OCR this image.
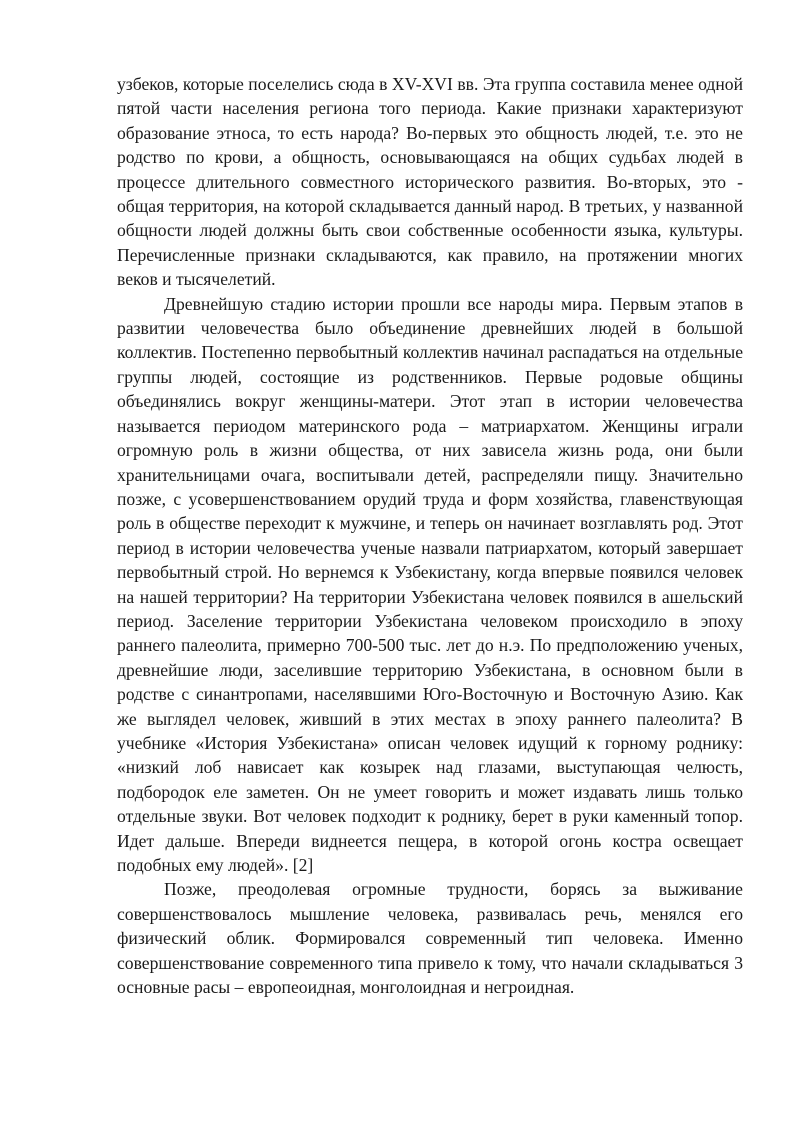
узбеков, которые поселелись сюда в XV-XVI вв. Эта группа составила менее одной пятой части населения региона того периода. Какие признаки характеризуют образование этноса, то есть народа? Во-первых это общность людей, т.е. это не родство по крови, а общность, основывающаяся на общих судьбах людей в процессе длительного совместного исторического развития. Во-вторых, это - общая территория, на которой складывается данный народ. В третьих, у названной общности людей должны быть свои собственные особенности языка, культуры. Перечисленные признаки складываются, как правило, на протяжении многих веков и тысячелетий.

Древнейшую стадию истории прошли все народы мира. Первым этапов в развитии человечества было объединение древнейших людей в большой коллектив. Постепенно первобытный коллектив начинал распадаться на отдельные группы людей, состоящие из родственников. Первые родовые общины объединялись вокруг женщины-матери. Этот этап в истории человечества называется периодом материнского рода – матриархатом. Женщины играли огромную роль в жизни общества, от них зависела жизнь рода, они были хранительницами очага, воспитывали детей, распределяли пищу. Значительно позже, с усовершенствованием орудий труда и форм хозяйства, главенствующая роль в обществе переходит к мужчине, и теперь он начинает возглавлять род. Этот период в истории человечества ученые назвали патриархатом, который завершает первобытный строй. Но вернемся к Узбекистану, когда впервые появился человек на нашей территории? На территории Узбекистана человек появился в ашельский период. Заселение территории Узбекистана человеком происходило в эпоху раннего палеолита, примерно 700-500 тыс. лет до н.э. По предположению ученых, древнейшие люди, заселившие территорию Узбекистана, в основном были в родстве с синантропами, населявшими Юго-Восточную и Восточную Азию. Как же выглядел человек, живший в этих местах в эпоху раннего палеолита? В учебнике «История Узбекистана» описан человек идущий к горному роднику: «низкий лоб нависает как козырек над глазами, выступающая челюсть, подбородок еле заметен. Он не умеет говорить и может издавать лишь только отдельные звуки. Вот человек подходит к роднику, берет в руки каменный топор. Идет дальше. Впереди виднеется пещера, в которой огонь костра освещает подобных ему людей». [2]

Позже, преодолевая огромные трудности, борясь за выживание совершенствовалось мышление человека, развивалась речь, менялся его физический облик. Формировался современный тип человека. Именно совершенствование современного типа привело к тому, что начали складываться 3 основные расы – европеоидная, монголоидная и негроидная.
